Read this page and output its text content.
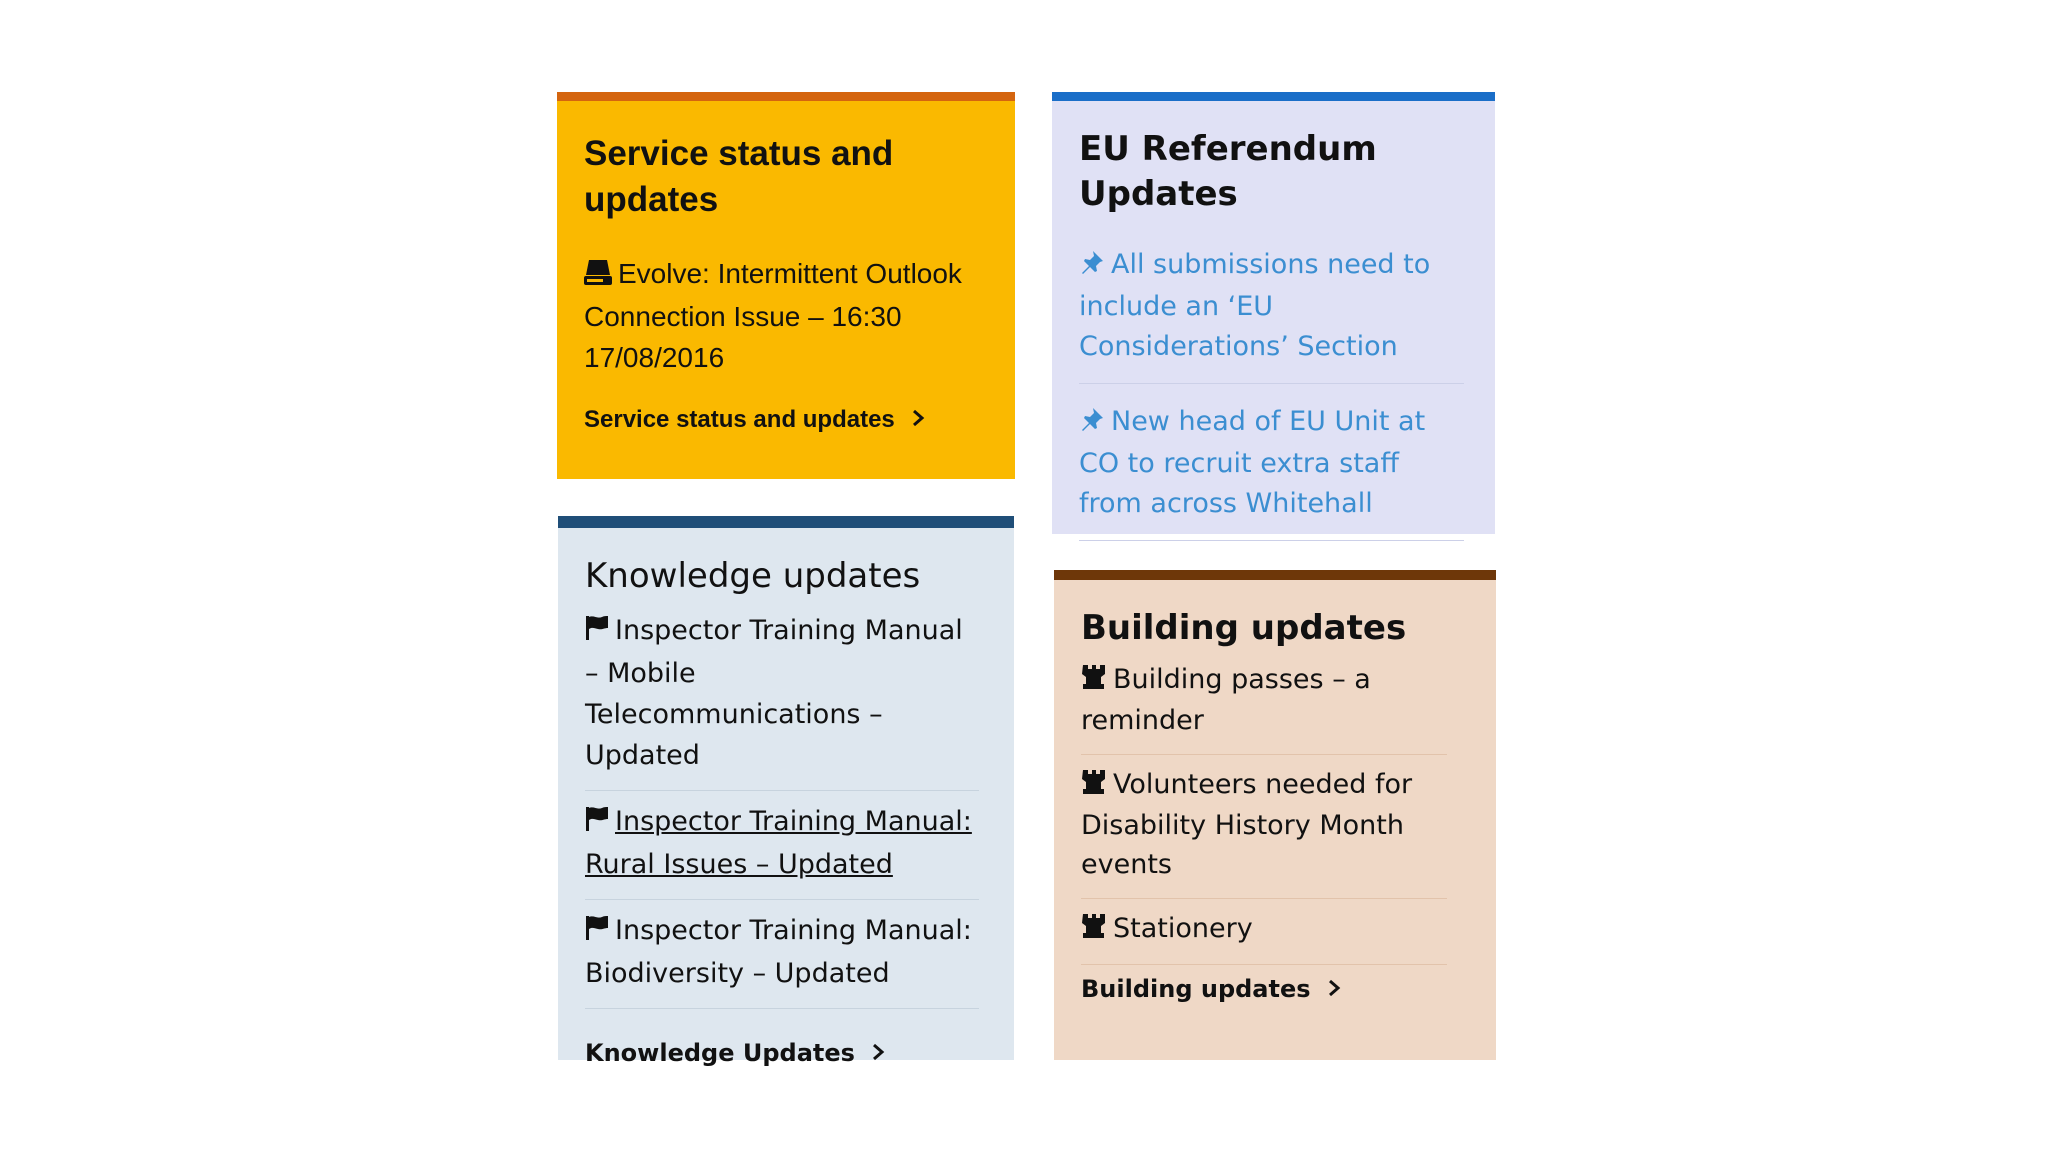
Service status and updates
Evolve: Intermittent Outlook Connection Issue – 16:30 17/08/2016
Service status and updates
EU Referendum Updates
All submissions need to include an ‘EU Considerations’ Section
New head of EU Unit at CO to recruit extra staff from across Whitehall
Knowledge updates
Inspector Training Manual – Mobile Telecommunications – Updated
Inspector Training Manual: Rural Issues – Updated
Inspector Training Manual: Biodiversity – Updated
Knowledge Updates
Building updates
Building passes – a reminder
Volunteers needed for Disability History Month events
Stationery
Building updates
